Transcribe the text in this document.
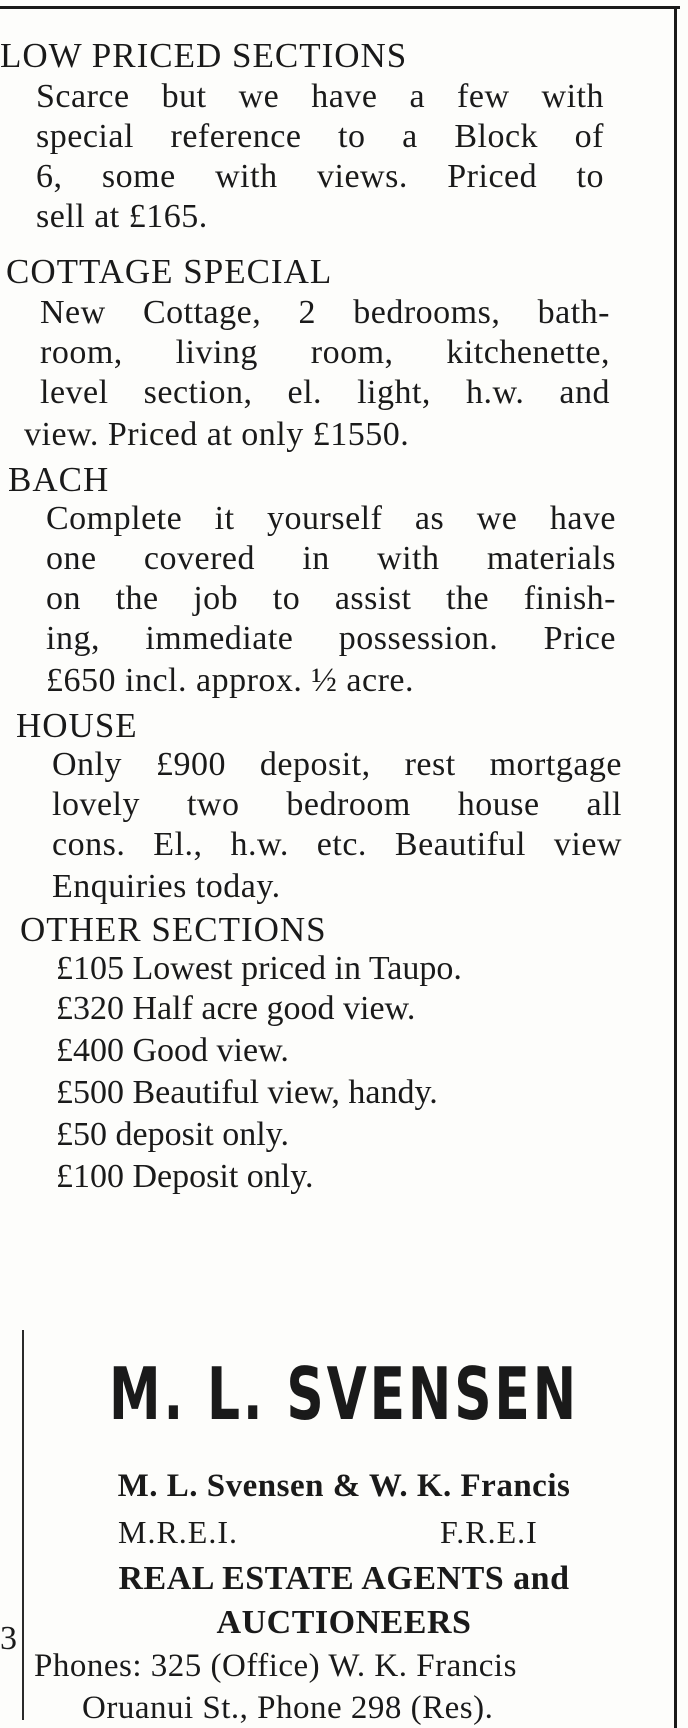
3
LOW PRICED SECTIONS
Scarce but we have a few with
special reference to a Block of
6, some with views. Priced to
sell at £165.
COTTAGE SPECIAL
New Cottage, 2 bedrooms, bath-
room, living room, kitchenette,
level section, el. light, h.w. and
view. Priced at only £1550.
BACH
Complete it yourself as we have
one covered in with materials
on the job to assist the finish-
ing, immediate possession. Price
£650 incl. approx. ½ acre.
HOUSE
Only £900 deposit, rest mortgage
lovely two bedroom house all
cons. El., h.w. etc. Beautiful view
Enquiries today.
OTHER SECTIONS
£105 Lowest priced in Taupo.
£320 Half acre good view.
£400 Good view.
£500 Beautiful view, handy.
£50 deposit only.
£100 Deposit only.
M. L. SVENSEN
M. L. Svensen & W. K. Francis
M.R.E.I.	F.R.E.I
REAL ESTATE AGENTS and
AUCTIONEERS
Phones: 325 (Office) W. K. Francis
Oruanui St., Phone 298 (Res).
